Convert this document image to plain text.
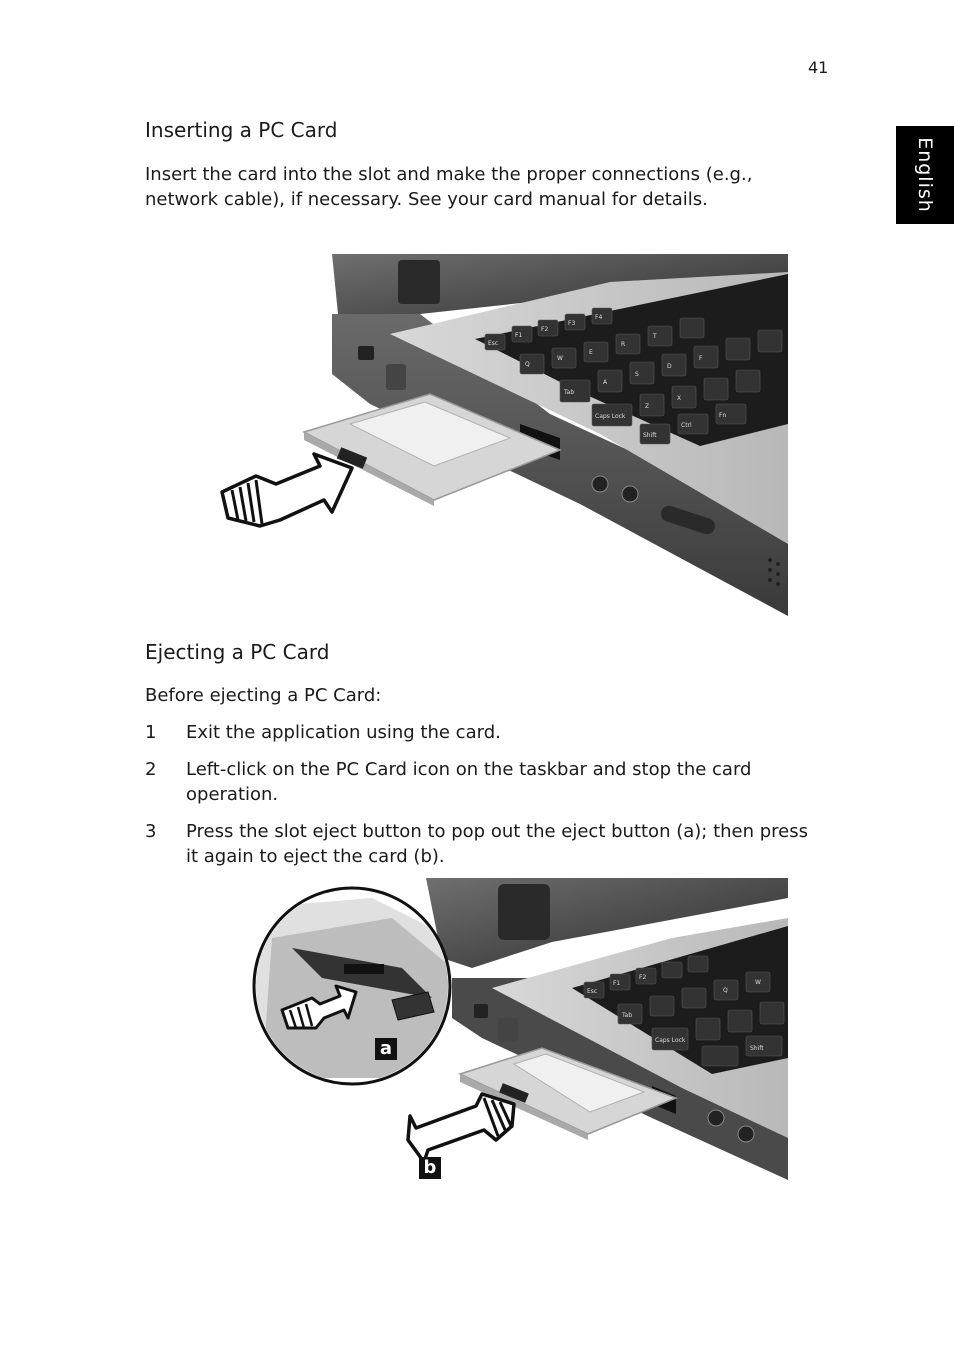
41
English
Inserting a PC Card

Insert the card into the slot and make the proper connections (e.g., network cable), if necessary. See your card manual for details.

Esc
F1
F2
F3
F4
Q
W
E
R
T
A
S
D
F
Z
X
Tab
Caps Lock
Shift
Ctrl
Fn
Ejecting a PC Card

Before ejecting a PC Card:

1 Exit the application using the card.
2 Left-click on the PC Card icon on the taskbar and stop the card operation.
3 Press the slot eject button to pop out the eject button (a); then press it again to eject the card (b).
Esc
F1
F2
Q
W
Tab
Caps Lock
Shift
a
b
